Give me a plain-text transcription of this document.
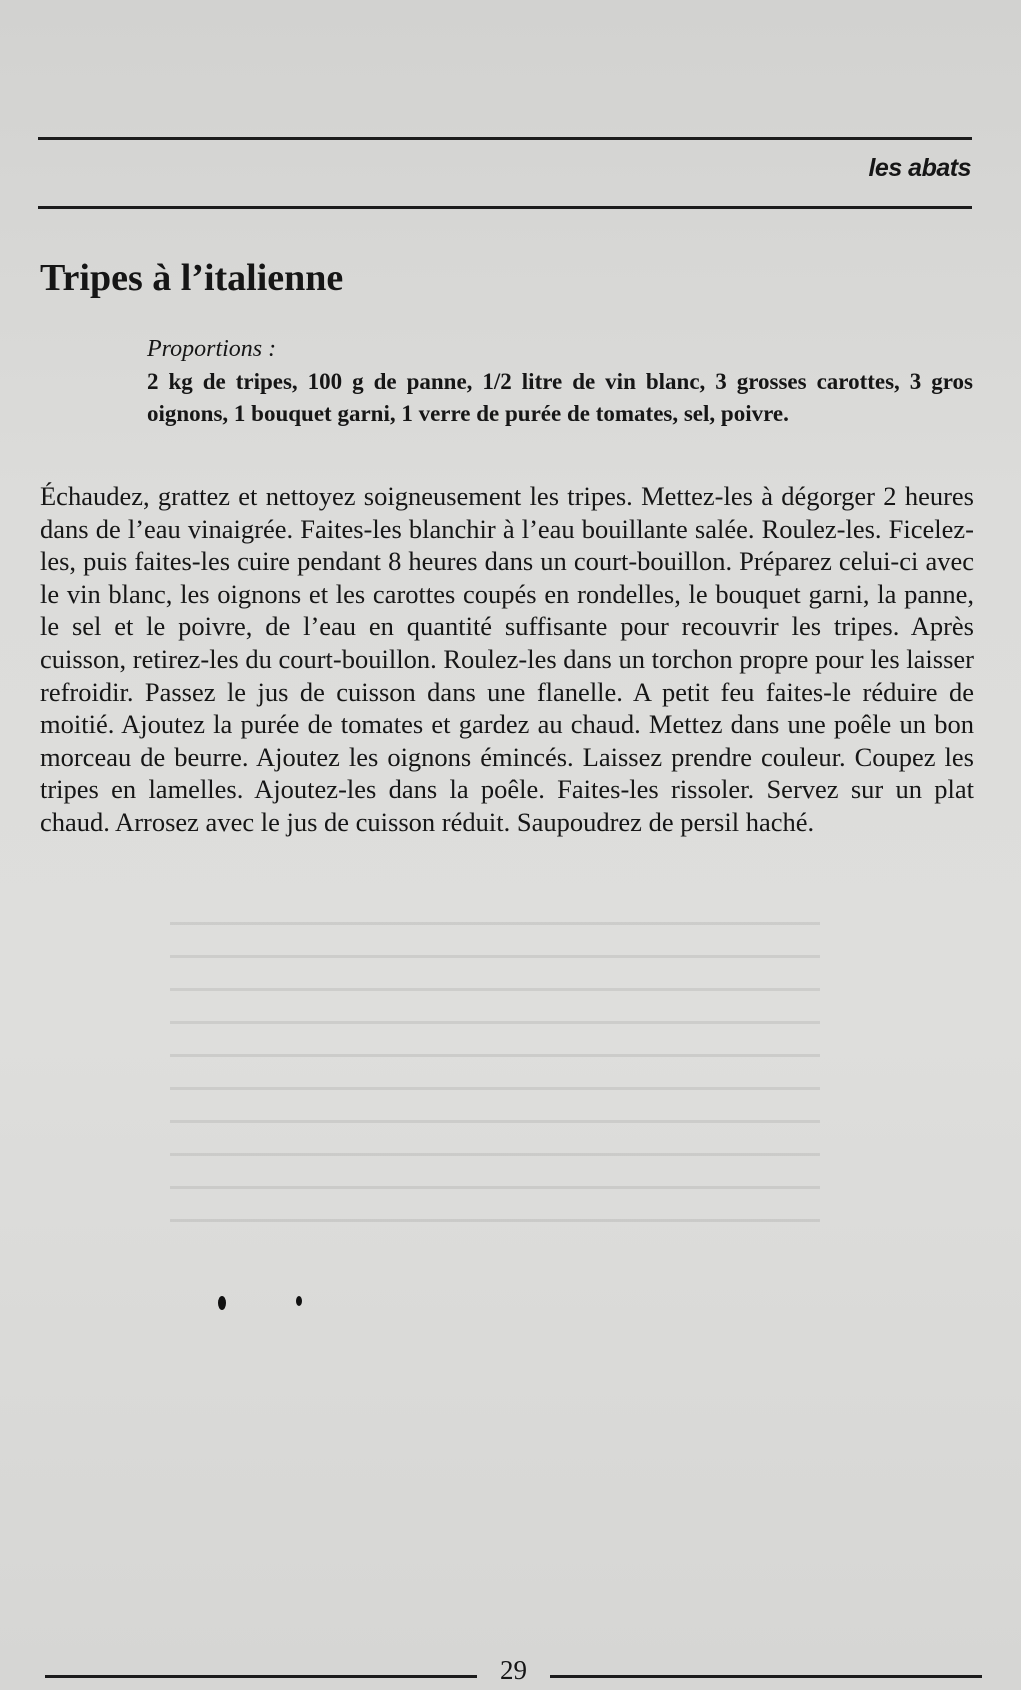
les abats
Tripes à l’italienne
Proportions :
2 kg de tripes, 100 g de panne, 1/2 litre de vin blanc, 3 grosses carottes, 3 gros oignons, 1 bouquet garni, 1 verre de purée de tomates, sel, poivre.

Échaudez, grattez et nettoyez soigneusement les tripes. Mettez-les à dégorger 2 heures dans de l’eau vinaigrée. Faites-les blanchir à l’eau bouillante salée. Roulez-les. Ficelez-les, puis faites-les cuire pendant 8 heures dans un court-bouillon. Préparez celui-ci avec le vin blanc, les oignons et les carottes coupés en rondelles, le bouquet garni, la panne, le sel et le poivre, de l’eau en quantité suffisante pour recouvrir les tripes. Après cuisson, retirez-les du court-bouillon. Roulez-les dans un torchon propre pour les laisser refroidir. Passez le jus de cuisson dans une flanelle. A petit feu faites-le réduire de moitié. Ajoutez la purée de tomates et gardez au chaud. Mettez dans une poêle un bon morceau de beurre. Ajoutez les oignons émincés. Laissez prendre couleur. Coupez les tripes en lamelles. Ajoutez-les dans la poêle. Faites-les rissoler. Servez sur un plat chaud. Arrosez avec le jus de cuisson réduit. Saupoudrez de persil haché.

29
